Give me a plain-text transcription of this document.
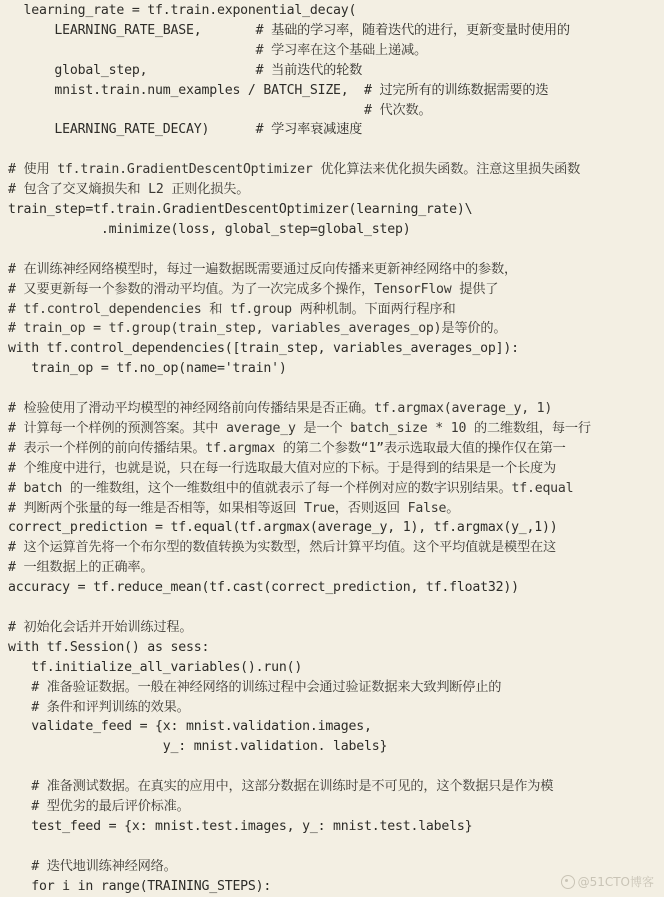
learning_rate = tf.train.exponential_decay(
LEARNING_RATE_BASE,       # 基础的学习率，随着迭代的进行，更新变量时使用的
# 学习率在这个基础上递减。
global_step,              # 当前迭代的轮数
mnist.train.num_examples / BATCH_SIZE,  # 过完所有的训练数据需要的迭
# 代次数。
LEARNING_RATE_DECAY)      # 学习率衰减速度
# 使用 tf.train.GradientDescentOptimizer 优化算法来优化损失函数。注意这里损失函数
# 包含了交叉熵损失和 L2 正则化损失。
train_step=tf.train.GradientDescentOptimizer(learning_rate)\
.minimize(loss, global_step=global_step)
# 在训练神经网络模型时，每过一遍数据既需要通过反向传播来更新神经网络中的参数，
# 又要更新每一个参数的滑动平均值。为了一次完成多个操作，TensorFlow 提供了
# tf.control_dependencies 和 tf.group 两种机制。下面两行程序和
# train_op = tf.group(train_step, variables_averages_op)是等价的。
with tf.control_dependencies([train_step, variables_averages_op]):
train_op = tf.no_op(name='train')
# 检验使用了滑动平均模型的神经网络前向传播结果是否正确。tf.argmax(average_y, 1)
# 计算每一个样例的预测答案。其中 average_y 是一个 batch_size * 10 的二维数组，每一行
# 表示一个样例的前向传播结果。tf.argmax 的第二个参数“1”表示选取最大值的操作仅在第一
# 个维度中进行，也就是说，只在每一行选取最大值对应的下标。于是得到的结果是一个长度为
# batch 的一维数组，这个一维数组中的值就表示了每一个样例对应的数字识别结果。tf.equal
# 判断两个张量的每一维是否相等，如果相等返回 True，否则返回 False。
correct_prediction = tf.equal(tf.argmax(average_y, 1), tf.argmax(y_,1))
# 这个运算首先将一个布尔型的数值转换为实数型，然后计算平均值。这个平均值就是模型在这
# 一组数据上的正确率。
accuracy = tf.reduce_mean(tf.cast(correct_prediction, tf.float32))
# 初始化会话并开始训练过程。
with tf.Session() as sess:
tf.initialize_all_variables().run()
# 准备验证数据。一般在神经网络的训练过程中会通过验证数据来大致判断停止的
# 条件和评判训练的效果。
validate_feed = {x: mnist.validation.images,
y_: mnist.validation. labels}
# 准备测试数据。在真实的应用中，这部分数据在训练时是不可见的，这个数据只是作为模
# 型优劣的最后评价标准。
test_feed = {x: mnist.test.images, y_: mnist.test.labels}
# 迭代地训练神经网络。
for i in range(TRAINING_STEPS):	@51CTO博客
